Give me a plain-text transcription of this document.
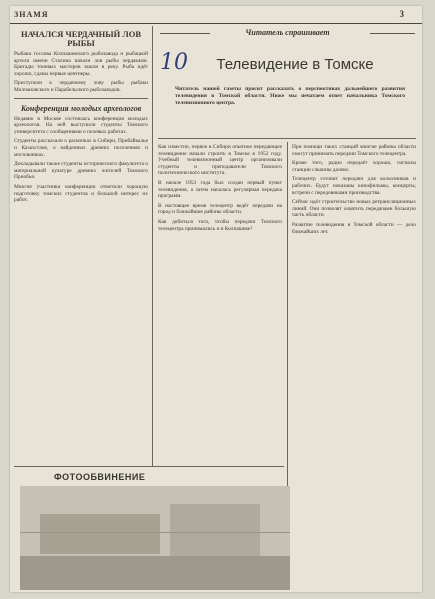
ЗНАМЯ	3
10
НАЧАЛСЯ ЧЕРДАЧНЫЙ ЛОВ РЫБЫ

Рыбаки гослова Колпашевского рыбозавода и рыбацкой артели имени Сталина начали лов рыбы чердаками. Бригады тоневых мастеров зашли в реку. Рыба идёт хорошо, сданы первые центнеры.

Приступили к чердачному лову рыбы рыбаки Молчановского и Парабельского рыбозаводов.

Конференция молодых археологов

Недавно в Москве состоялась конференция молодых археологов. На ней выступили студенты Томского университета с сообщениями о полевых работах.

Студенты рассказали о раскопках в Сибири, Прибайкалье и Казахстане, о найденных древних поселениях и могильниках.

Докладывали также студенты исторического факультета о материальной культуре древних жителей Томского Приобья.

Многие участники конференции отметили хорошую подготовку томских студентов и большой интерес их работ.

Читатель спрашивает
Телевидение в Томске
Читатель нашей газеты просит рассказать о перспективах дальнейшего развития телевидения в Томской области. Ниже мы печатаем ответ начальника Томского телевизионного центра.

Как известно, первое в Сибири опытное передающее телевидение начали строить в Томске в 1952 году. Учебный телевизионный центр организовали студенты и преподаватели Томского политехнического института.

В начале 1953 года был создан первый пункт телевидения, а затем началась регулярная передача программ.

В настоящее время телецентр ведёт передачи на город и ближайшие районы области.

Как добиться того, чтобы передачи Томского телецентра принимались и в Колпашеве?

При помощи таких станций многие районы области смогут принимать передачи Томского телецентра.

Кроме того, радио передаёт хорошо, сигналы станции слышны далеко.

Телецентр готовит передачи для колхозников и рабочих. Будут показаны кинофильмы, концерты, встречи с передовиками производства.

Сейчас идёт строительство новых ретрансляционных линий. Они позволят охватить передачами большую часть области.

Развитие телевидения в Томской области — дело ближайших лет.

ФОТООБВИНЕНИЕ
